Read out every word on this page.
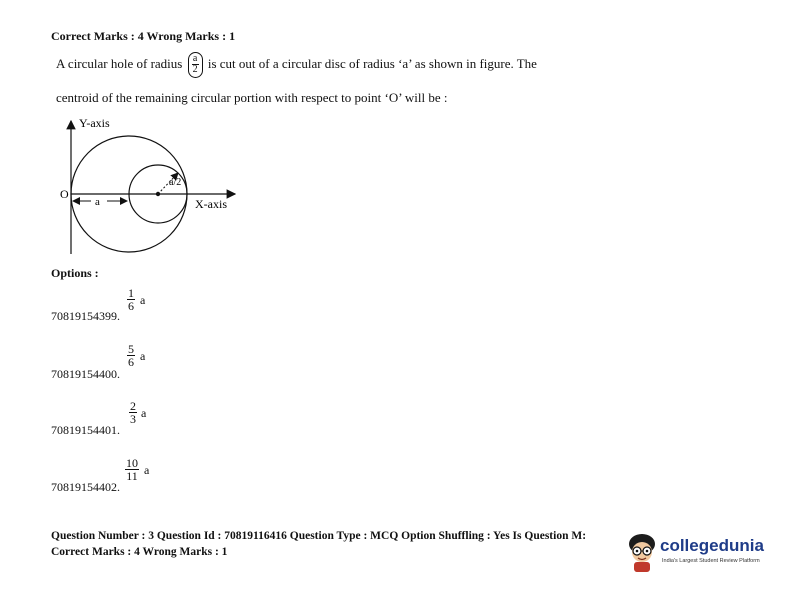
Correct Marks : 4 Wrong Marks : 1
A circular hole of radius $\frac{a}{2}$ is cut out of a circular disc of radius ‘a’ as shown in figure. The
centroid of the remaining circular portion with respect to point ‘O’ will be :
Y-axis
X-axis
O
a/2
a
Options :
70819154399.
$\frac{1}{6}$ a
70819154400.
$\frac{5}{6}$ a
70819154401.
$\frac{2}{3}$ a
70819154402.
$\frac{10}{11}$ a
Question Number : 3 Question Id : 70819116416 Question Type : MCQ Option Shuffling : Yes Is Question M:
Correct Marks : 4 Wrong Marks : 1	collegedunia
India's Largest Student Review Platform
